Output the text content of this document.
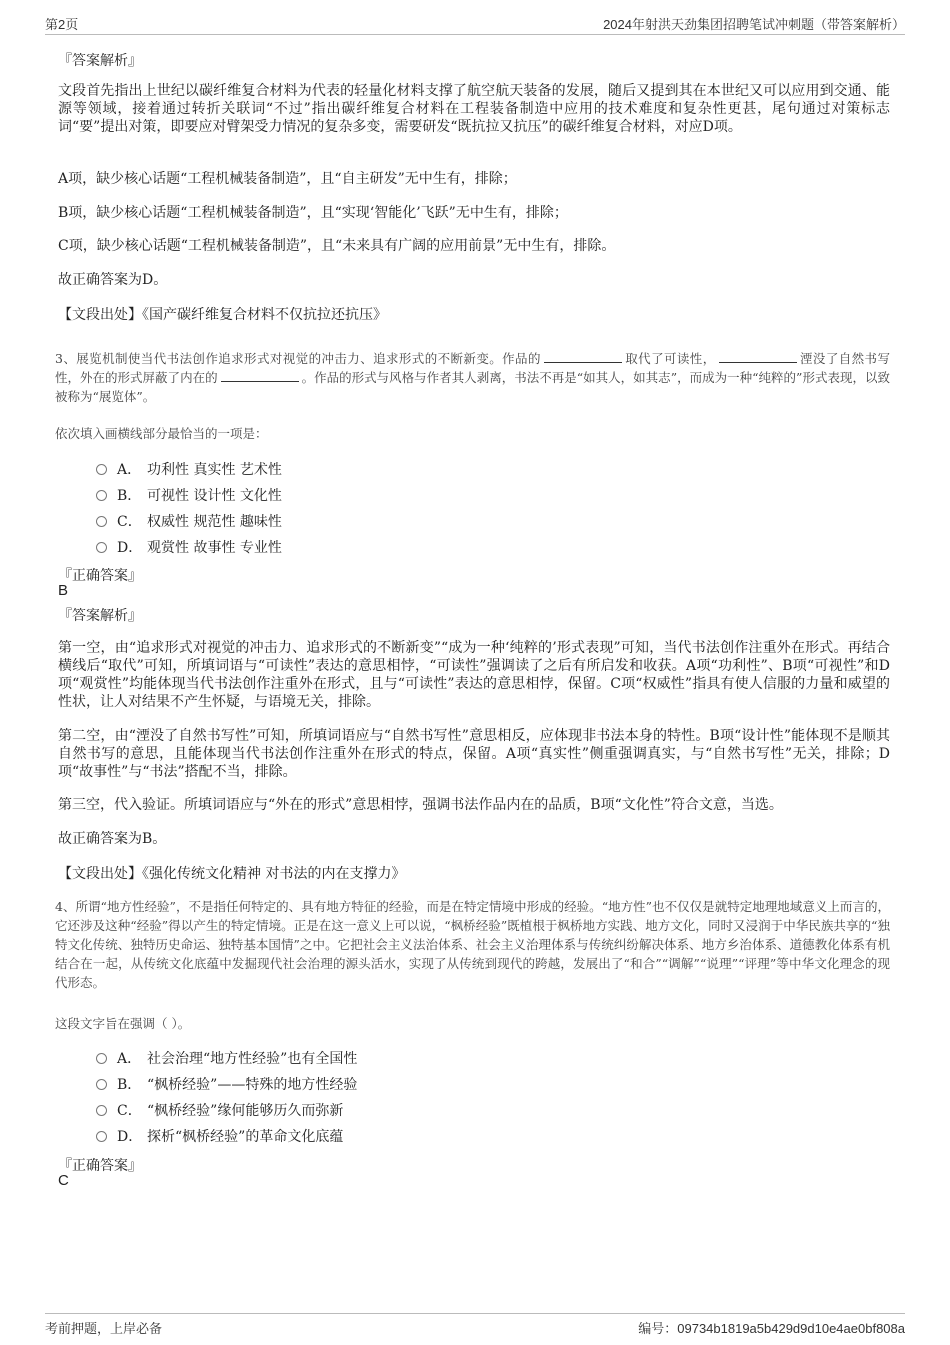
第2页	2024年射洪天劲集团招聘笔试冲刺题（带答案解析）
『答案解析』
文段首先指出上世纪以碳纤维复合材料为代表的轻量化材料支撑了航空航天装备的发展，随后又提到其在本世纪又可以应用到交通、能源等领域，接着通过转折关联词“不过”指出碳纤维复合材料在工程装备制造中应用的技术难度和复杂性更甚，尾句通过对策标志词“要”提出对策，即要应对臂架受力情况的复杂多变，需要研发“既抗拉又抗压”的碳纤维复合材料，对应D项。
A项，缺少核心话题“工程机械装备制造”，且“自主研发”无中生有，排除；
B项，缺少核心话题“工程机械装备制造”，且“实现‘智能化’飞跃”无中生有，排除；
C项，缺少核心话题“工程机械装备制造”，且“未来具有广阔的应用前景”无中生有，排除。
故正确答案为D。
【文段出处】《国产碳纤维复合材料不仅抗拉还抗压》
3、展览机制使当代书法创作追求形式对视觉的冲击力、追求形式的不断新变。作品的	取代了可读性，	湮没了自然书写性，外在的形式屏蔽了内在的	。作品的形式与风格与作者其人剥离，书法不再是“如其人，如其志”，而成为一种“纯粹的”形式表现，以致被称为“展览体”。
依次填入画横线部分最恰当的一项是：
A． 功利性 真实性 艺术性
B． 可视性 设计性 文化性
C． 权威性 规范性 趣味性
D． 观赏性 故事性 专业性
『正确答案』
B
『答案解析』
第一空，由“追求形式对视觉的冲击力、追求形式的不断新变”“成为一种‘纯粹的’形式表现”可知，当代书法创作注重外在形式。再结合横线后“取代”可知，所填词语与“可读性”表达的意思相悖，“可读性”强调读了之后有所启发和收获。A项“功利性”、B项“可视性”和D项“观赏性”均能体现当代书法创作注重外在形式，且与“可读性”表达的意思相悖，保留。C项“权威性”指具有使人信服的力量和威望的性状，让人对结果不产生怀疑，与语境无关，排除。
第二空，由“湮没了自然书写性”可知，所填词语应与“自然书写性”意思相反，应体现非书法本身的特性。B项“设计性”能体现不是顺其自然书写的意思，且能体现当代书法创作注重外在形式的特点，保留。A项“真实性”侧重强调真实，与“自然书写性”无关，排除；D项“故事性”与“书法”搭配不当，排除。
第三空，代入验证。所填词语应与“外在的形式”意思相悖，强调书法作品内在的品质，B项“文化性”符合文意，当选。
故正确答案为B。
【文段出处】《强化传统文化精神 对书法的内在支撑力》
4、所谓“地方性经验”，不是指任何特定的、具有地方特征的经验，而是在特定情境中形成的经验。“地方性”也不仅仅是就特定地理地域意义上而言的，它还涉及这种“经验”得以产生的特定情境。正是在这一意义上可以说，“枫桥经验”既植根于枫桥地方实践、地方文化，同时又浸润于中华民族共享的“独特文化传统、独特历史命运、独特基本国情”之中。它把社会主义法治体系、社会主义治理体系与传统纠纷解决体系、地方乡治体系、道德教化体系有机结合在一起，从传统文化底蕴中发掘现代社会治理的源头活水，实现了从传统到现代的跨越，发展出了“和合”“调解”“说理”“评理”等中华文化理念的现代形态。
这段文字旨在强调（ ）。
A． 社会治理“地方性经验”也有全国性
B． “枫桥经验”——特殊的地方性经验
C． “枫桥经验”缘何能够历久而弥新
D． 探析“枫桥经验”的革命文化底蕴
『正确答案』
C
考前押题，上岸必备	编号：09734b1819a5b429d9d10e4ae0bf808a
